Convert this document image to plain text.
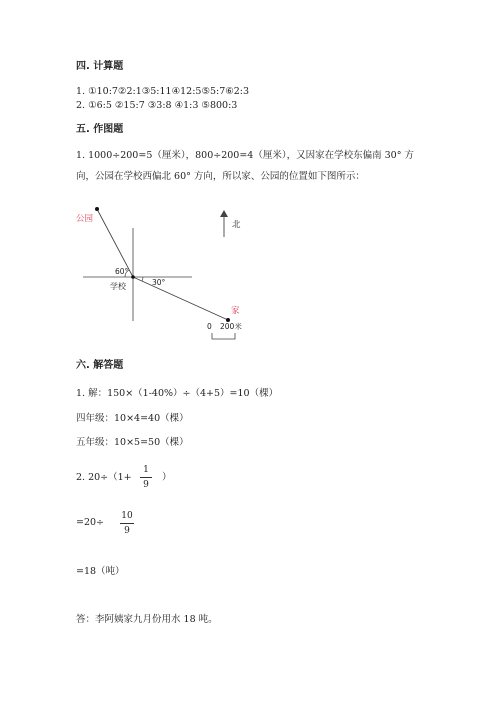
四. 计算题
1. ①10:7②2:1③5:11④12:5⑤5:7⑥2:3
2. ①6:5 ②15:7 ③3:8 ④1:3 ⑤800:3
五. 作图题
1. 1000÷200=5（厘米），800÷200=4（厘米），又因家在学校东偏南 30° 方
向，公园在学校西偏北 60° 方向，所以家、公园的位置如下图所示：
公园
学校
家
北
60°
30°
0 200米
六. 解答题
1. 解：150×（1-40%）÷（4+5）=10（棵）
四年级：10×4=40（棵）
五年级：10×5=50（棵）
2. 20÷（1+
1
9
）
=20÷
10
9
=18（吨）
答：李阿姨家九月份用水 18 吨。
